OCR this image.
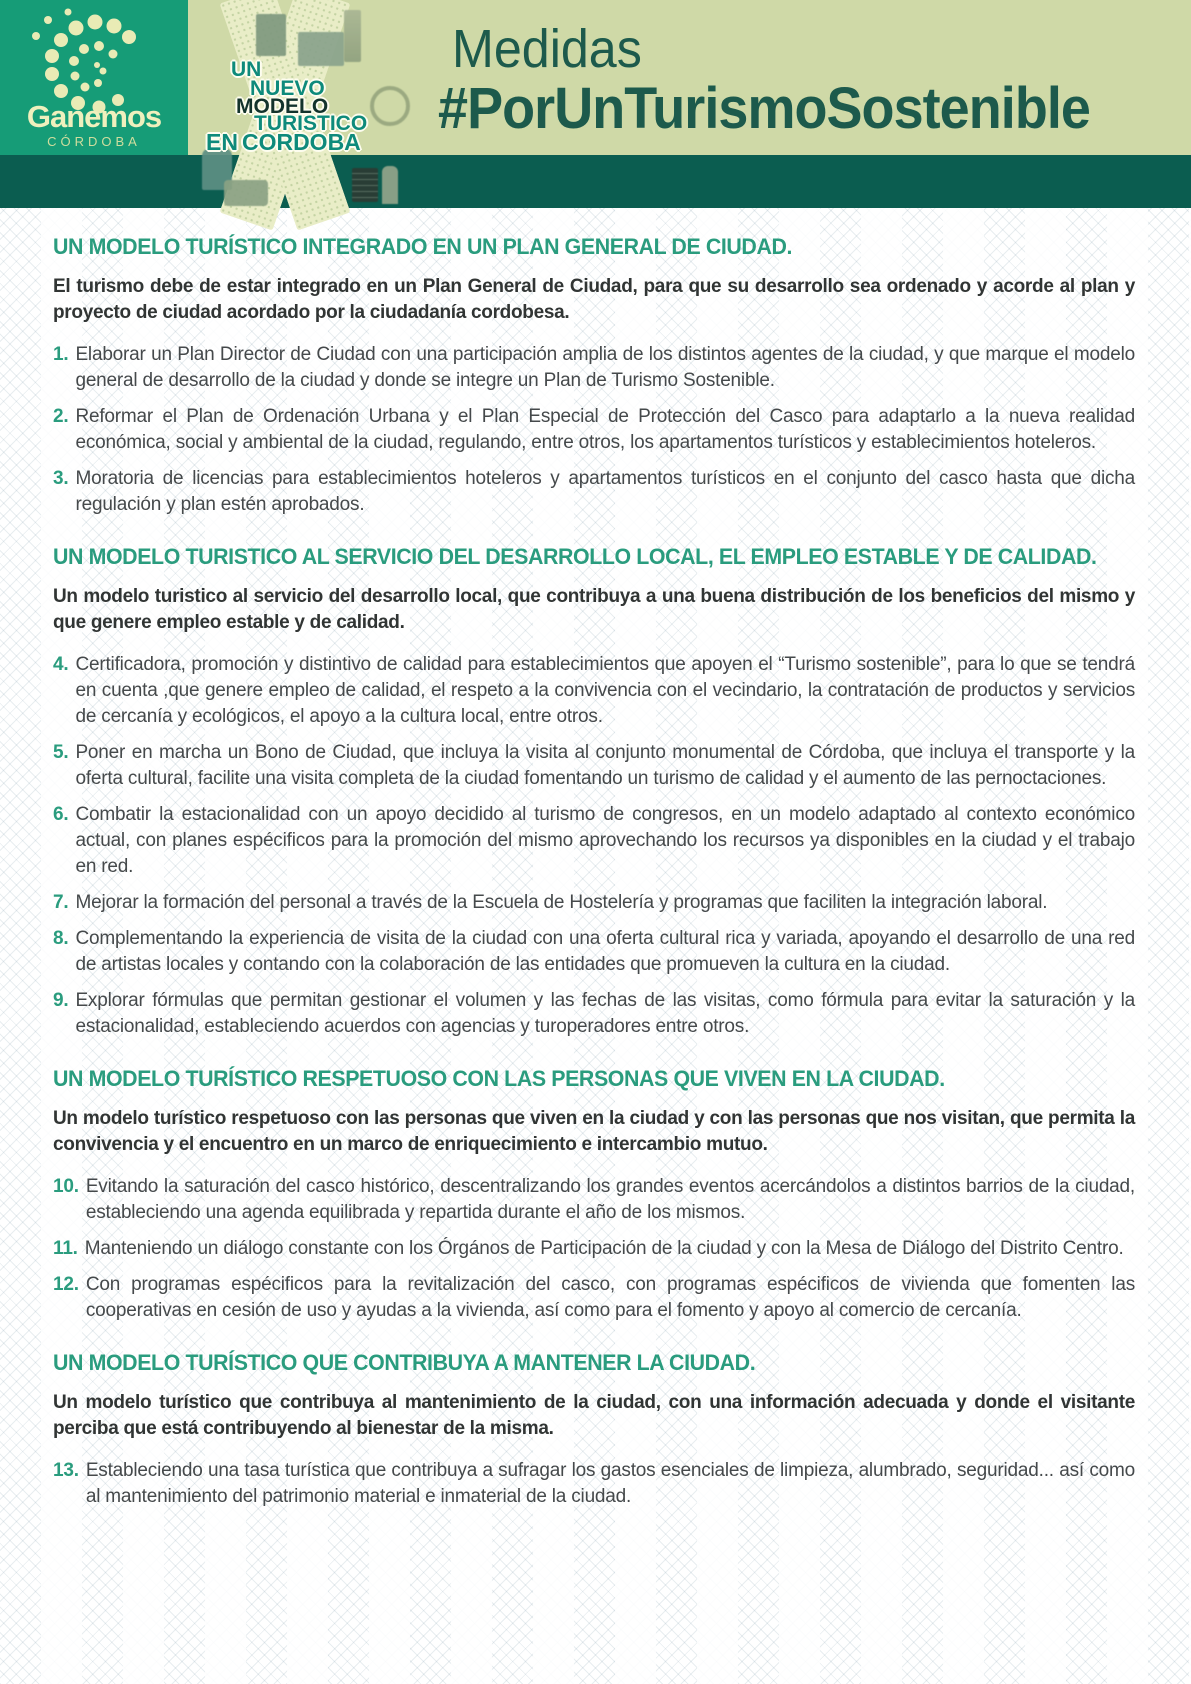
Ganemos
CÓRDOBA
UN
NUEVO
MODELO
TURISTICO
EN CORDOBA
Medidas
#PorUnTurismoSostenible
UN MODELO TURÍSTICO INTEGRADO EN UN PLAN GENERAL DE CIUDAD.

El turismo debe de estar integrado en un Plan General de Ciudad, para que su desarrollo sea ordenado y acorde al plan y proyecto de ciudad acordado por la ciudadanía cordobesa.

1. Elaborar un Plan Director de Ciudad con una participación amplia de los distintos agentes de la ciudad, y que marque el modelo general de desarrollo de la ciudad y donde se integre un Plan de Turismo Sostenible.
2. Reformar el Plan de Ordenación Urbana y el Plan Especial de Protección del Casco para adaptarlo a la nueva realidad económica, social y ambiental de la ciudad, regulando, entre otros, los apartamentos turísticos y establecimientos hoteleros.
3. Moratoria de licencias para establecimientos hoteleros y apartamentos turísticos en el conjunto del casco hasta que dicha regulación y plan estén aprobados.
UN MODELO TURISTICO AL SERVICIO DEL DESARROLLO LOCAL, EL EMPLEO ESTABLE Y DE CALIDAD.

Un modelo turistico al servicio del desarrollo local, que contribuya a una buena distribución de los beneficios del mismo y que genere empleo estable y de calidad.

4. Certificadora, promoción y distintivo de calidad para establecimientos que apoyen el “Turismo sostenible”, para lo que se tendrá en cuenta ,que genere empleo de calidad, el respeto a la convivencia con el vecindario, la contratación de productos y servicios de cercanía y ecológicos, el apoyo a la cultura local, entre otros.
5. Poner en marcha un Bono de Ciudad, que incluya la visita al conjunto monumental de Córdoba, que incluya el transporte y la oferta cultural, facilite una visita completa de la ciudad fomentando un turismo de calidad y el aumento de las pernoctaciones.
6. Combatir la estacionalidad con un apoyo decidido al turismo de congresos, en un modelo adaptado al contexto económico actual, con planes espécificos para la promoción del mismo aprovechando los recursos ya disponibles en la ciudad y el trabajo en red.
7. Mejorar la formación del personal a través de la Escuela de Hostelería y programas que faciliten la integración laboral.
8. Complementando la experiencia de visita de la ciudad con una oferta cultural rica y variada, apoyando el desarrollo de una red de artistas locales y contando con la colaboración de las entidades que promueven la cultura en la ciudad.
9. Explorar fórmulas que permitan gestionar el volumen y las fechas de las visitas, como fórmula para evitar la saturación y la estacionalidad, estableciendo acuerdos con agencias y turoperadores entre otros.
UN MODELO TURÍSTICO RESPETUOSO CON LAS PERSONAS QUE VIVEN EN LA CIUDAD.

Un modelo turístico respetuoso con las personas que viven en la ciudad y con las personas que nos visitan, que permita la convivencia y el encuentro en un marco de enriquecimiento e intercambio mutuo.

10. Evitando la saturación del casco histórico, descentralizando los grandes eventos acercándolos a distintos barrios de la ciudad, estableciendo una agenda equilibrada y repartida durante el año de los mismos.
11. Manteniendo un diálogo constante con los Órgános de Participación de la ciudad y con la Mesa de Diálogo del Distrito Centro.
12. Con programas espécificos para la revitalización del casco, con programas espécificos de vivienda que fomenten las cooperativas en cesión de uso y ayudas a la vivienda, así como para el fomento y apoyo al comercio de cercanía.
UN MODELO TURÍSTICO QUE CONTRIBUYA A MANTENER LA CIUDAD.

Un modelo turístico que contribuya al mantenimiento de la ciudad, con una información adecuada y donde el visitante perciba que está contribuyendo al bienestar de la misma.

13. Estableciendo una tasa turística que contribuya a sufragar los gastos esenciales de limpieza, alumbrado, seguridad... así como al mantenimiento del patrimonio material e inmaterial de la ciudad.
